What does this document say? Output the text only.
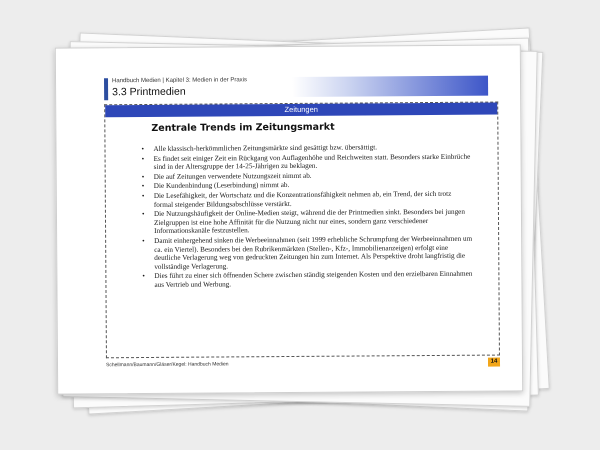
Handbuch Medien | Kapitel 3: Medien in der Praxis
3.3 Printmedien
Zeitungen
Zentrale Trends im Zeitungsmarkt
• Alle klassisch-herkömmlichen Zeitungsmärkte sind gesättigt bzw. übersättigt.
• Es findet seit einiger Zeit ein Rückgang von Auflagenhöhe und Reichweiten statt. Besonders starke Einbrüche sind in der Altersgruppe der 14-25-Jährigen zu beklagen.
• Die auf Zeitungen verwendete Nutzungszeit nimmt ab.
• Die Kundenbindung (Leserbindung) nimmt ab.
• Die Lesefähigkeit, der Wortschatz und die Konzentrationsfähigkeit nehmen ab, ein Trend, der sich trotz formal steigender Bildungsabschlüsse verstärkt.
• Die Nutzungshäufigkeit der Online-Medien steigt, während die der Printmedien sinkt. Besonders bei jungen Zielgruppen ist eine hohe Affinität für die Nutzung nicht nur eines, sondern ganz verschiedener Informationskanäle festzustellen.
• Damit einhergehend sinken die Werbeeinnahmen (seit 1999 erhebliche Schrumpfung der Werbeeinnahmen um ca. ein Viertel). Besonders bei den Rubrikenmärkten (Stellen-, Kfz-, Immobilienanzeigen) erfolgt eine deutliche Verlagerung weg von gedruckten Zeitungen hin zum Internet. Als Perspektive droht langfristig die vollständige Verlagerung.
• Dies führt zu einer sich öffnenden Schere zwischen ständig steigenden Kosten und den erzielbaren Einnahmen aus Vertrieb und Werbung.
Schellmann/Baumann/Gläser/Kegel: Handbuch Medien	14
